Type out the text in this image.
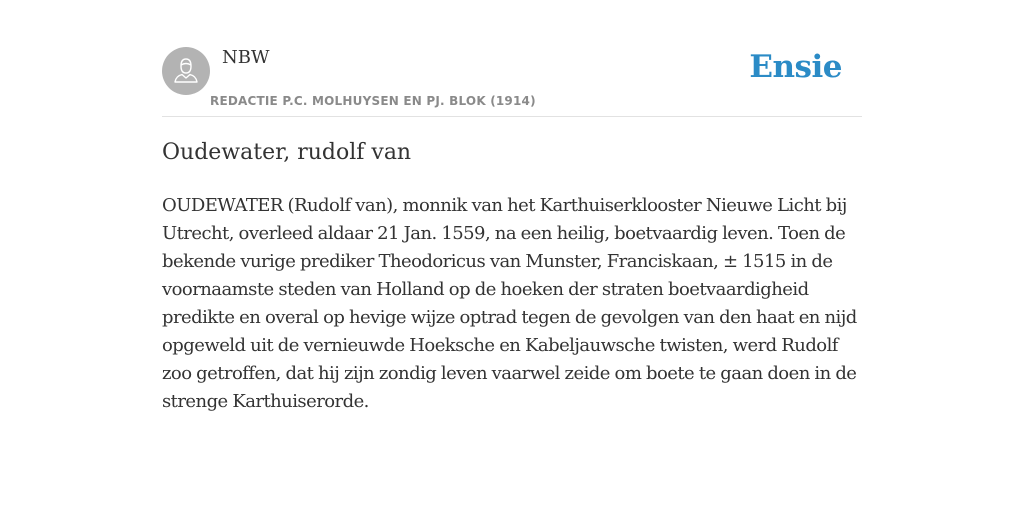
NBW
REDACTIE P.C. MOLHUYSEN EN PJ. BLOK (1914)
Ensie
Oudewater, rudolf van

OUDEWATER (Rudolf van), monnik van het Karthuiserklooster Nieuwe Licht bij Utrecht, overleed aldaar 21 Jan. 1559, na een heilig, boetvaardig leven. Toen de bekende vurige prediker Theodoricus van Munster, Franciskaan, ± 1515 in de voornaamste steden van Holland op de hoeken der straten boetvaardigheid predikte en overal op hevige wijze optrad tegen de gevolgen van den haat en nijd opgeweld uit de vernieuwde Hoeksche en Kabeljauwsche twisten, werd Rudolf zoo getroffen, dat hij zijn zondig leven vaarwel zeide om boete te gaan doen in de strenge Karthuiserorde.
